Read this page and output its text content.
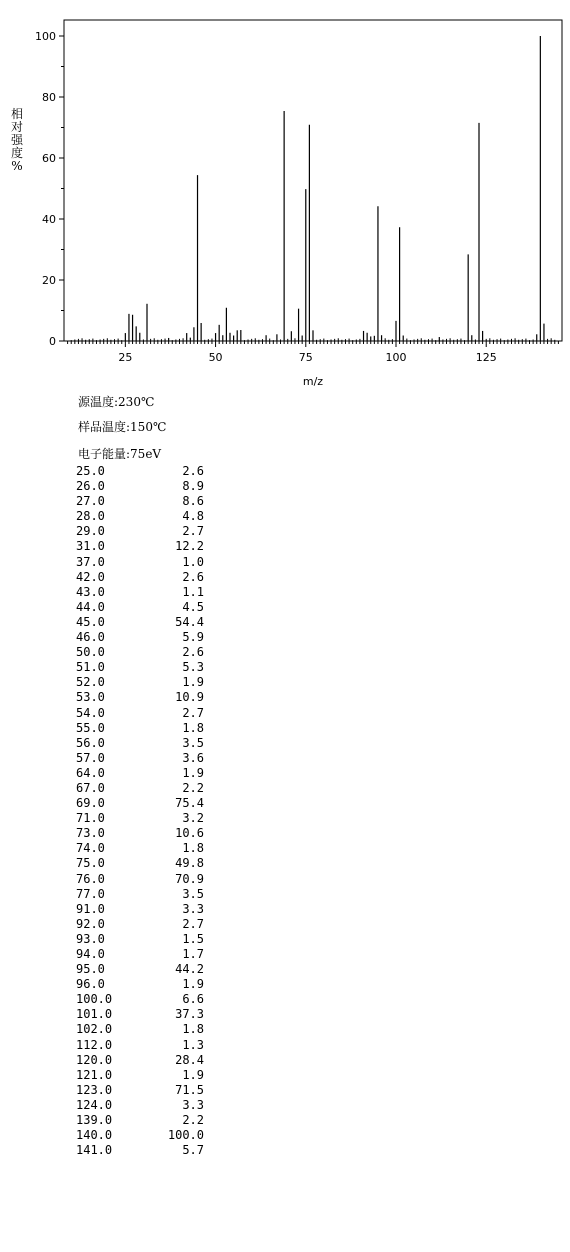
0
20
40
60
80
100
25	50	75	100	125
m/z
相
对
强
度
%
源温度:230℃
样品温度:150℃
电子能量:75eV
25.0	2.6
26.0	8.9
27.0	8.6
28.0	4.8
29.0	2.7
31.0	12.2
37.0	1.0
42.0	2.6
43.0	1.1
44.0	4.5
45.0	54.4
46.0	5.9
50.0	2.6
51.0	5.3
52.0	1.9
53.0	10.9
54.0	2.7
55.0	1.8
56.0	3.5
57.0	3.6
64.0	1.9
67.0	2.2
69.0	75.4
71.0	3.2
73.0	10.6
74.0	1.8
75.0	49.8
76.0	70.9
77.0	3.5
91.0	3.3
92.0	2.7
93.0	1.5
94.0	1.7
95.0	44.2
96.0	1.9
100.0	6.6
101.0	37.3
102.0	1.8
112.0	1.3
120.0	28.4
121.0	1.9
123.0	71.5
124.0	3.3
139.0	2.2
140.0	100.0
141.0	5.7
